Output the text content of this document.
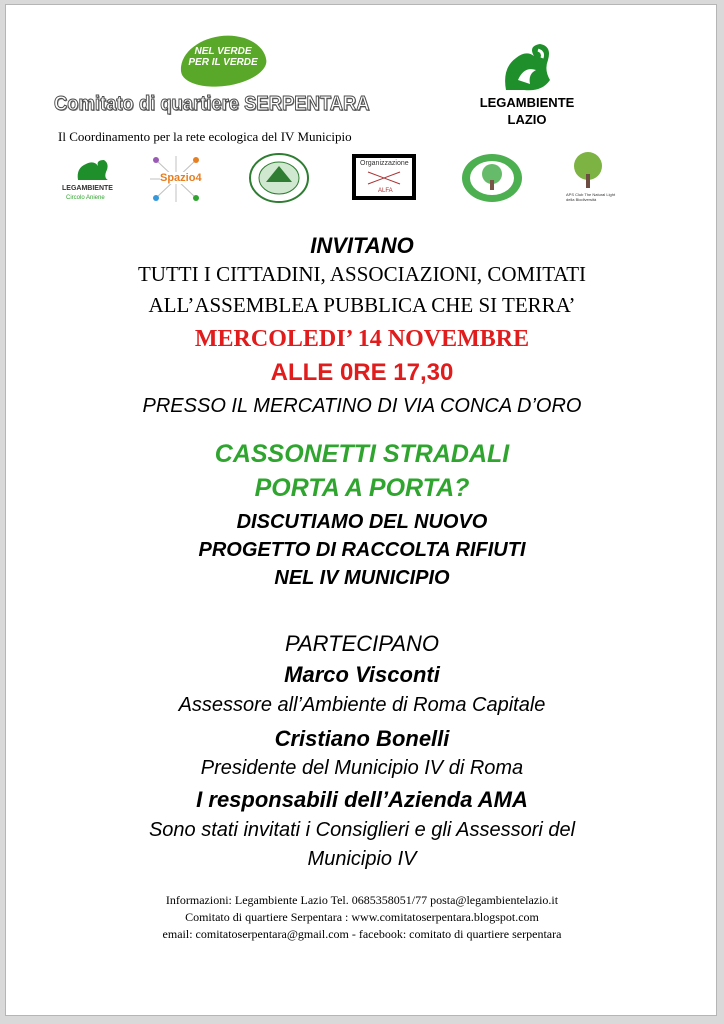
NEL VERDE PER IL VERDE
Comitato di quartiere SERPENTARA
Il Coordinamento per la rete ecologica del IV Municipio
LEGAMBIENTE
LAZIO
LEGAMBIENTE
Circolo Aniene
Spazio4
Organizzazione
ALFA
APS Club The Natural Light della Biodiversità
INVITANO
TUTTI I CITTADINI, ASSOCIAZIONI, COMITATI
ALL’ASSEMBLEA PUBBLICA CHE SI TERRA’
MERCOLEDI’ 14 NOVEMBRE
ALLE 0RE 17,30
PRESSO IL MERCATINO DI VIA CONCA D’ORO
CASSONETTI STRADALI
PORTA A PORTA?
DISCUTIAMO DEL NUOVO
PROGETTO DI RACCOLTA RIFIUTI
NEL IV MUNICIPIO
PARTECIPANO
Marco Visconti
Assessore all’Ambiente di Roma Capitale
Cristiano Bonelli
Presidente del Municipio IV di Roma
I responsabili dell’Azienda AMA
Sono stati invitati i Consiglieri e gli Assessori del
Municipio IV
Informazioni: Legambiente Lazio Tel. 0685358051/77 posta@legambientelazio.it
Comitato di quartiere Serpentara : www.comitatoserpentara.blogspot.com
email: comitatoserpentara@gmail.com - facebook: comitato di quartiere serpentara
